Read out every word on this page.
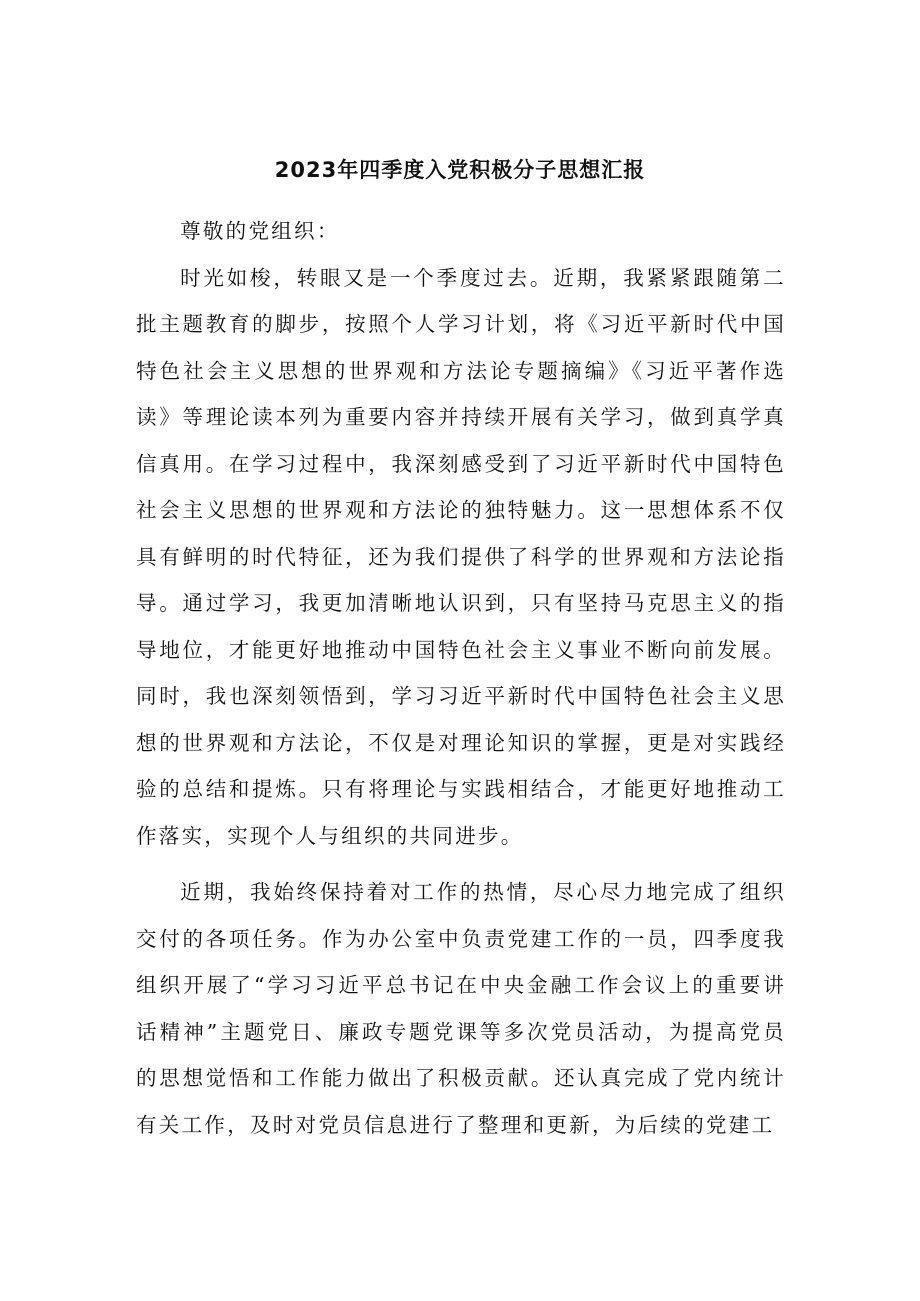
2023年四季度入党积极分子思想汇报

尊敬的党组织：

时光如梭，转眼又是一个季度过去。近期，我紧紧跟随第二批主题教育的脚步，按照个人学习计划，将《习近平新时代中国特色社会主义思想的世界观和方法论专题摘编》《习近平著作选读》等理论读本列为重要内容并持续开展有关学习，做到真学真信真用。在学习过程中，我深刻感受到了习近平新时代中国特色社会主义思想的世界观和方法论的独特魅力。这一思想体系不仅具有鲜明的时代特征，还为我们提供了科学的世界观和方法论指导。通过学习，我更加清晰地认识到，只有坚持马克思主义的指导地位，才能更好地推动中国特色社会主义事业不断向前发展。同时，我也深刻领悟到，学习习近平新时代中国特色社会主义思想的世界观和方法论，不仅是对理论知识的掌握，更是对实践经验的总结和提炼。只有将理论与实践相结合，才能更好地推动工作落实，实现个人与组织的共同进步。

近期，我始终保持着对工作的热情，尽心尽力地完成了组织交付的各项任务。作为办公室中负责党建工作的一员，四季度我组织开展了“学习习近平总书记在中央金融工作会议上的重要讲话精神”主题党日、廉政专题党课等多次党员活动，为提高党员的思想觉悟和工作能力做出了积极贡献。还认真完成了党内统计有关工作，及时对党员信息进行了整理和更新，为后续的党建工
